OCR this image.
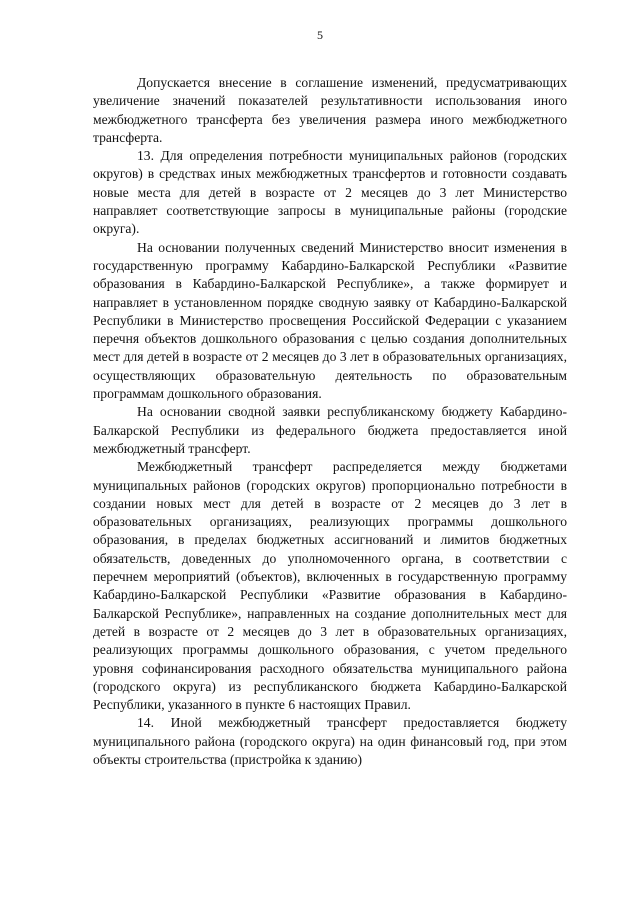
5

Допускается внесение в соглашение изменений, предусматривающих увеличение значений показателей результативности использования иного межбюджетного трансферта без увеличения размера иного межбюджетного трансферта.

13. Для определения потребности муниципальных районов (городских округов) в средствах иных межбюджетных трансфертов и готовности создавать новые места для детей в возрасте от 2 месяцев до 3 лет Министерство направляет соответствующие запросы в муниципальные районы (городские округа).

На основании полученных сведений Министерство вносит изменения в государственную программу Кабардино-Балкарской Республики «Развитие образования в Кабардино-Балкарской Республике», а также формирует и направляет в установленном порядке сводную заявку от Кабардино-Балкарской Республики в Министерство просвещения Российской Федерации с указанием перечня объектов дошкольного образования с целью создания дополнительных мест для детей в возрасте от 2 месяцев до 3 лет в образовательных организациях, осуществляющих образовательную деятельность по образовательным программам дошкольного образования.

На основании сводной заявки республиканскому бюджету Кабардино-Балкарской Республики из федерального бюджета предоставляется иной межбюджетный трансферт.

Межбюджетный трансферт распределяется между бюджетами муниципальных районов (городских округов) пропорционально потребности в создании новых мест для детей в возрасте от 2 месяцев до 3 лет в образовательных организациях, реализующих программы дошкольного образования, в пределах бюджетных ассигнований и лимитов бюджетных обязательств, доведенных до уполномоченного органа, в соответствии с перечнем мероприятий (объектов), включенных в государственную программу Кабардино-Балкарской Республики «Развитие образования в Кабардино-Балкарской Республике», направленных на создание дополнительных мест для детей в возрасте от 2 месяцев до 3 лет в образовательных организациях, реализующих программы дошкольного образования, с учетом предельного уровня софинансирования расходного обязательства муниципального района (городского округа) из республиканского бюджета Кабардино-Балкарской Республики, указанного в пункте 6 настоящих Правил.

14. Иной межбюджетный трансферт предоставляется бюджету муниципального района (городского округа) на один финансовый год, при этом объекты строительства (пристройка к зданию)
